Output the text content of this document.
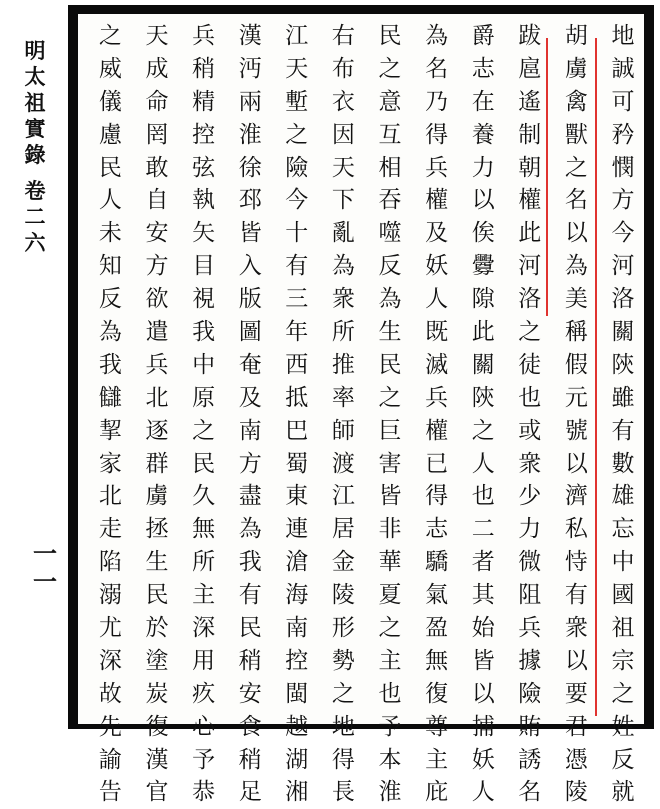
明
太
祖
實
錄
卷
二
六
一
一
地
誠
可
矜
憫
方
今
河
洛
關
陝
雖
有
數
雄
忘
中
國
祖
宗
之
姓
反
就
胡
虜
禽
獸
之
名
以
為
美
稱
假
元
號
以
濟
私
恃
有
衆
以
要
君
憑
陵
跋
扈
遙
制
朝
權
此
河
洛
之
徒
也
或
衆
少
力
微
阻
兵
據
險
賄
誘
名
爵
志
在
養
力
以
俟
釁
隙
此
關
陝
之
人
也
二
者
其
始
皆
以
捕
妖
人
為
名
乃
得
兵
權
及
妖
人
既
滅
兵
權
已
得
志
驕
氣
盈
無
復
尊
主
庇
民
之
意
互
相
吞
噬
反
為
生
民
之
巨
害
皆
非
華
夏
之
主
也
予
本
淮
右
布
衣
因
天
下
亂
為
衆
所
推
率
師
渡
江
居
金
陵
形
勢
之
地
得
長
江
天
塹
之
險
今
十
有
三
年
西
抵
巴
蜀
東
連
滄
海
南
控
閩
越
湖
湘
漢
沔
兩
淮
徐
邳
皆
入
版
圖
奄
及
南
方
盡
為
我
有
民
稍
安
食
稍
足
兵
稍
精
控
弦
執
矢
目
視
我
中
原
之
民
久
無
所
主
深
用
疚
心
予
恭
天
成
命
罔
敢
自
安
方
欲
遣
兵
北
逐
群
虜
拯
生
民
於
塗
炭
復
漢
官
之
威
儀
慮
民
人
未
知
反
為
我
讎
挈
家
北
走
陷
溺
尤
深
故
先
諭
告
